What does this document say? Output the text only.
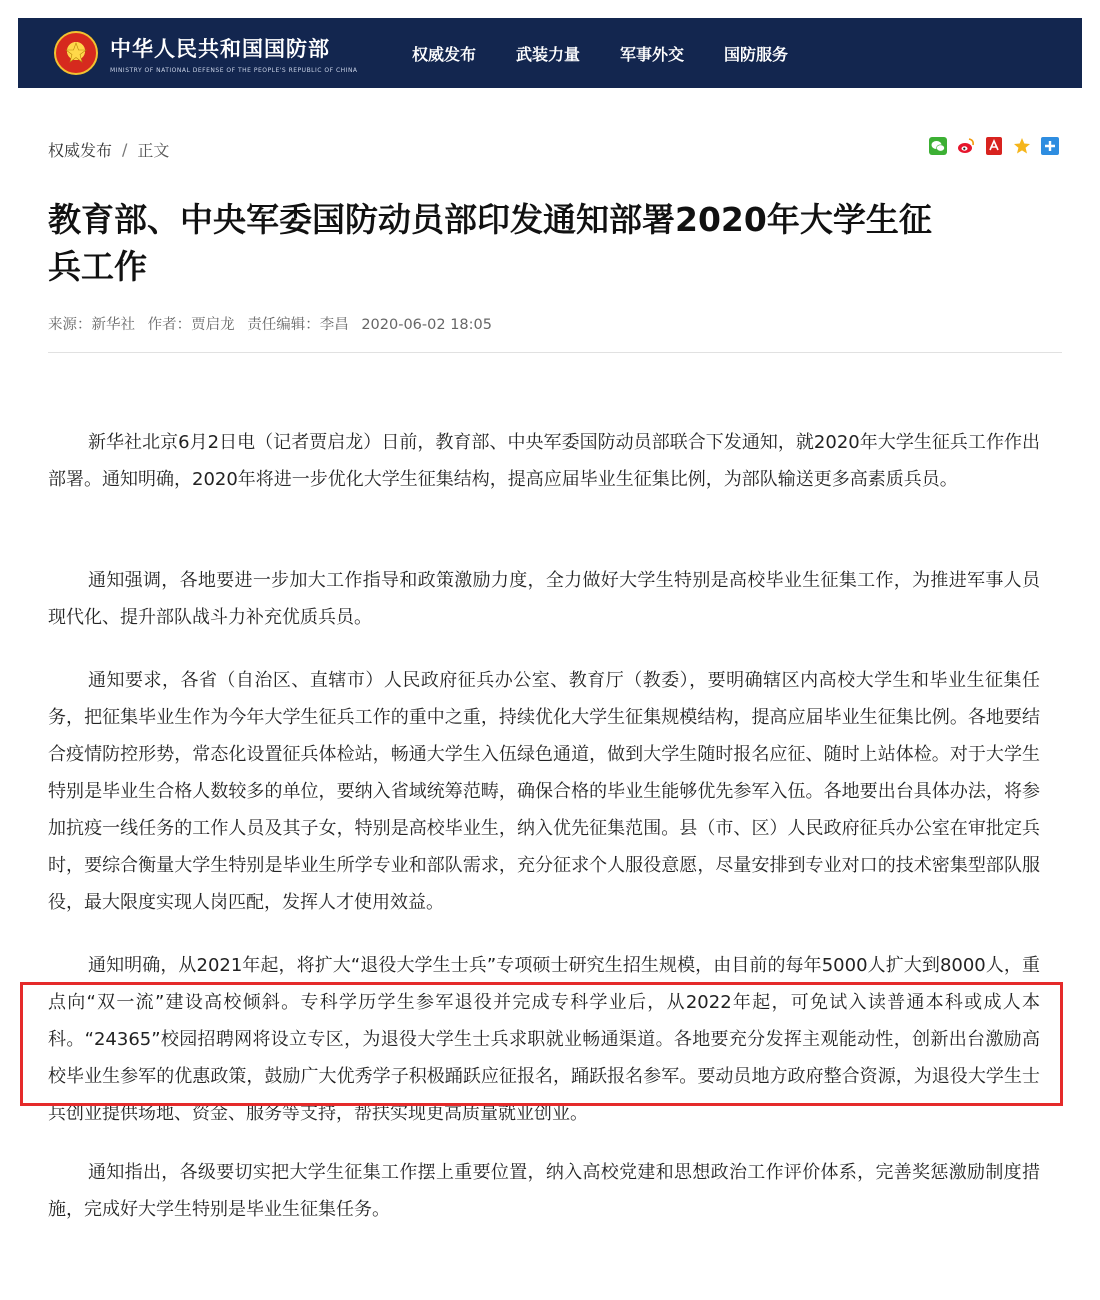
中华人民共和国国防部
MINISTRY OF NATIONAL DEFENSE OF THE PEOPLE'S REPUBLIC OF CHINA
权威发布	武装力量	军事外交	国防服务
权威发布 / 正文
教育部、中央军委国防动员部印发通知部署2020年大学生征兵工作
来源：新华社 作者：贾启龙 责任编辑：李昌 2020-06-02 18:05

新华社北京6月2日电（记者贾启龙）日前，教育部、中央军委国防动员部联合下发通知，就2020年大学生征兵工作作出部署。通知明确，2020年将进一步优化大学生征集结构，提高应届毕业生征集比例，为部队输送更多高素质兵员。

通知强调，各地要进一步加大工作指导和政策激励力度，全力做好大学生特别是高校毕业生征集工作，为推进军事人员现代化、提升部队战斗力补充优质兵员。

通知要求，各省（自治区、直辖市）人民政府征兵办公室、教育厅（教委），要明确辖区内高校大学生和毕业生征集任务，把征集毕业生作为今年大学生征兵工作的重中之重，持续优化大学生征集规模结构，提高应届毕业生征集比例。各地要结合疫情防控形势，常态化设置征兵体检站，畅通大学生入伍绿色通道，做到大学生随时报名应征、随时上站体检。对于大学生特别是毕业生合格人数较多的单位，要纳入省域统筹范畴，确保合格的毕业生能够优先参军入伍。各地要出台具体办法，将参加抗疫一线任务的工作人员及其子女，特别是高校毕业生，纳入优先征集范围。县（市、区）人民政府征兵办公室在审批定兵时，要综合衡量大学生特别是毕业生所学专业和部队需求，充分征求个人服役意愿，尽量安排到专业对口的技术密集型部队服役，最大限度实现人岗匹配，发挥人才使用效益。

通知明确，从2021年起，将扩大“退役大学生士兵”专项硕士研究生招生规模，由目前的每年5000人扩大到8000人，重点向“双一流”建设高校倾斜。专科学历学生参军退役并完成专科学业后，从2022年起，可免试入读普通本科或成人本科。“24365”校园招聘网将设立专区，为退役大学生士兵求职就业畅通渠道。各地要充分发挥主观能动性，创新出台激励高校毕业生参军的优惠政策，鼓励广大优秀学子积极踊跃应征报名，踊跃报名参军。要动员地方政府整合资源，为退役大学生士兵创业提供场地、资金、服务等支持，帮扶实现更高质量就业创业。

通知指出，各级要切实把大学生征集工作摆上重要位置，纳入高校党建和思想政治工作评价体系，完善奖惩激励制度措施，完成好大学生特别是毕业生征集任务。
